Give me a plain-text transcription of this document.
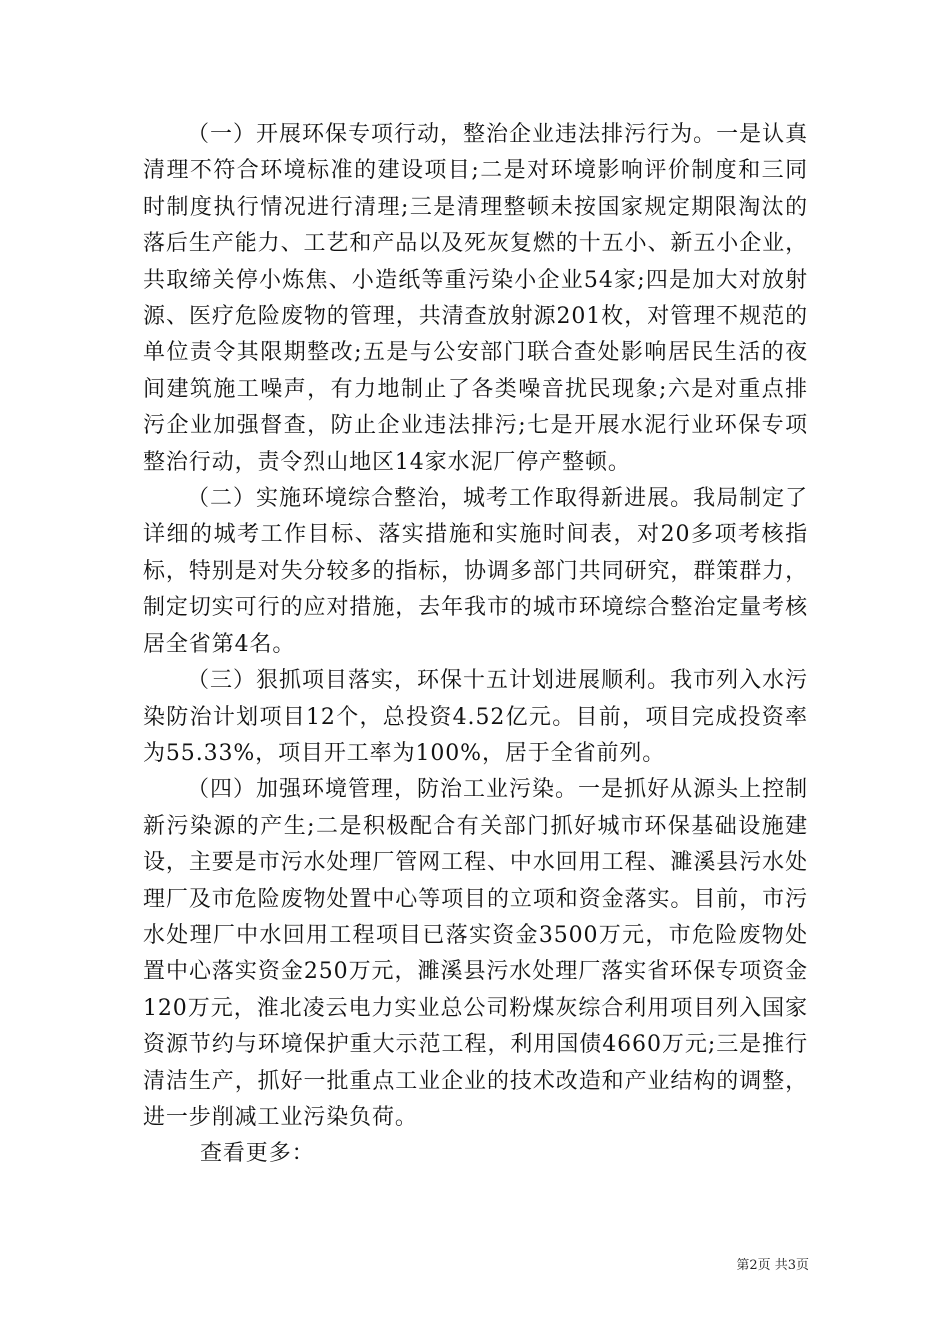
（一）开展环保专项行动，整治企业违法排污行为。一是认真清理不符合环境标准的建设项目;二是对环境影响评价制度和三同时制度执行情况进行清理;三是清理整顿未按国家规定期限淘汰的落后生产能力、工艺和产品以及死灰复燃的十五小、新五小企业，共取缔关停小炼焦、小造纸等重污染小企业54家;四是加大对放射源、医疗危险废物的管理，共清查放射源201枚，对管理不规范的单位责令其限期整改;五是与公安部门联合查处影响居民生活的夜间建筑施工噪声，有力地制止了各类噪音扰民现象;六是对重点排污企业加强督查，防止企业违法排污;七是开展水泥行业环保专项整治行动，责令烈山地区14家水泥厂停产整顿。

（二）实施环境综合整治，城考工作取得新进展。我局制定了详细的城考工作目标、落实措施和实施时间表，对20多项考核指标，特别是对失分较多的指标，协调多部门共同研究，群策群力，制定切实可行的应对措施，去年我市的城市环境综合整治定量考核居全省第4名。

（三）狠抓项目落实，环保十五计划进展顺利。我市列入水污染防治计划项目12个，总投资4.52亿元。目前，项目完成投资率为55.33%，项目开工率为100%，居于全省前列。

（四）加强环境管理，防治工业污染。一是抓好从源头上控制新污染源的产生;二是积极配合有关部门抓好城市环保基础设施建设，主要是市污水处理厂管网工程、中水回用工程、濉溪县污水处理厂及市危险废物处置中心等项目的立项和资金落实。目前，市污水处理厂中水回用工程项目已落实资金3500万元，市危险废物处置中心落实资金250万元，濉溪县污水处理厂落实省环保专项资金120万元，淮北凌云电力实业总公司粉煤灰综合利用项目列入国家资源节约与环境保护重大示范工程，利用国债4660万元;三是推行清洁生产，抓好一批重点工业企业的技术改造和产业结构的调整，进一步削减工业污染负荷。

查看更多：

第2页 共3页
